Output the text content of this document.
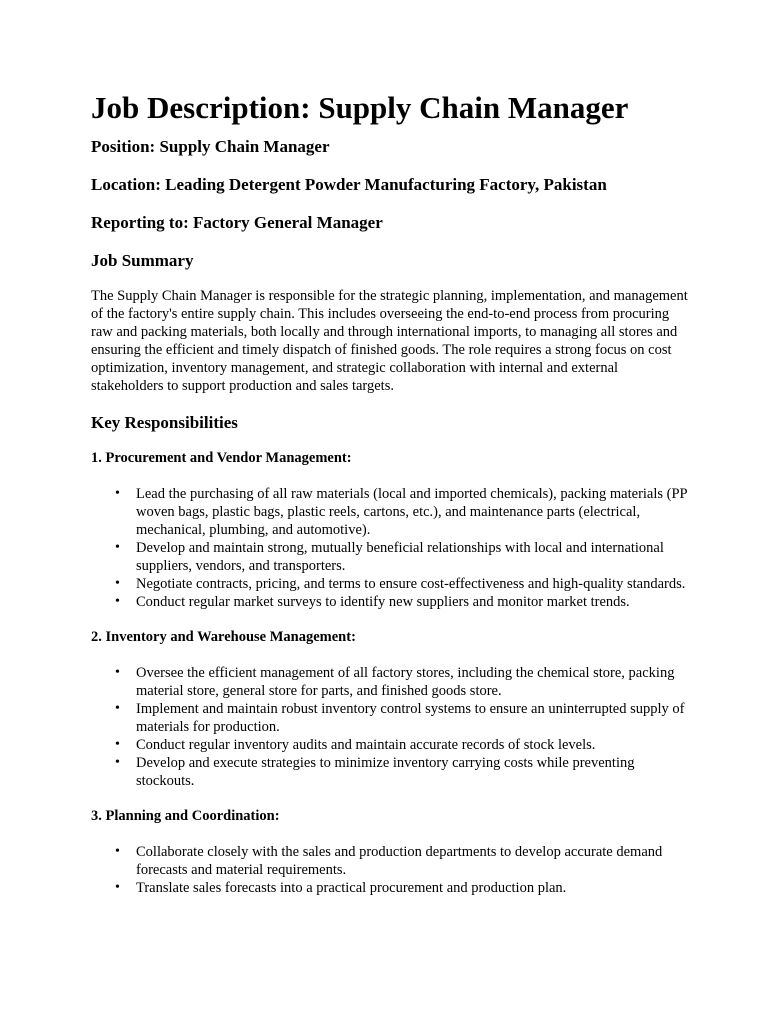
Job Description: Supply Chain Manager
Position: Supply Chain Manager
Location: Leading Detergent Powder Manufacturing Factory, Pakistan
Reporting to: Factory General Manager
Job Summary

The Supply Chain Manager is responsible for the strategic planning, implementation, and management of the factory's entire supply chain. This includes overseeing the end-to-end process from procuring raw and packing materials, both locally and through international imports, to managing all stores and ensuring the efficient and timely dispatch of finished goods. The role requires a strong focus on cost optimization, inventory management, and strategic collaboration with internal and external stakeholders to support production and sales targets.

Key Responsibilities
1. Procurement and Vendor Management:
• Lead the purchasing of all raw materials (local and imported chemicals), packing materials (PP woven bags, plastic bags, plastic reels, cartons, etc.), and maintenance parts (electrical, mechanical, plumbing, and automotive).
• Develop and maintain strong, mutually beneficial relationships with local and international suppliers, vendors, and transporters.
• Negotiate contracts, pricing, and terms to ensure cost-effectiveness and high-quality standards.
• Conduct regular market surveys to identify new suppliers and monitor market trends.
2. Inventory and Warehouse Management:
• Oversee the efficient management of all factory stores, including the chemical store, packing material store, general store for parts, and finished goods store.
• Implement and maintain robust inventory control systems to ensure an uninterrupted supply of materials for production.
• Conduct regular inventory audits and maintain accurate records of stock levels.
• Develop and execute strategies to minimize inventory carrying costs while preventing stockouts.
3. Planning and Coordination:
• Collaborate closely with the sales and production departments to develop accurate demand forecasts and material requirements.
• Translate sales forecasts into a practical procurement and production plan.
